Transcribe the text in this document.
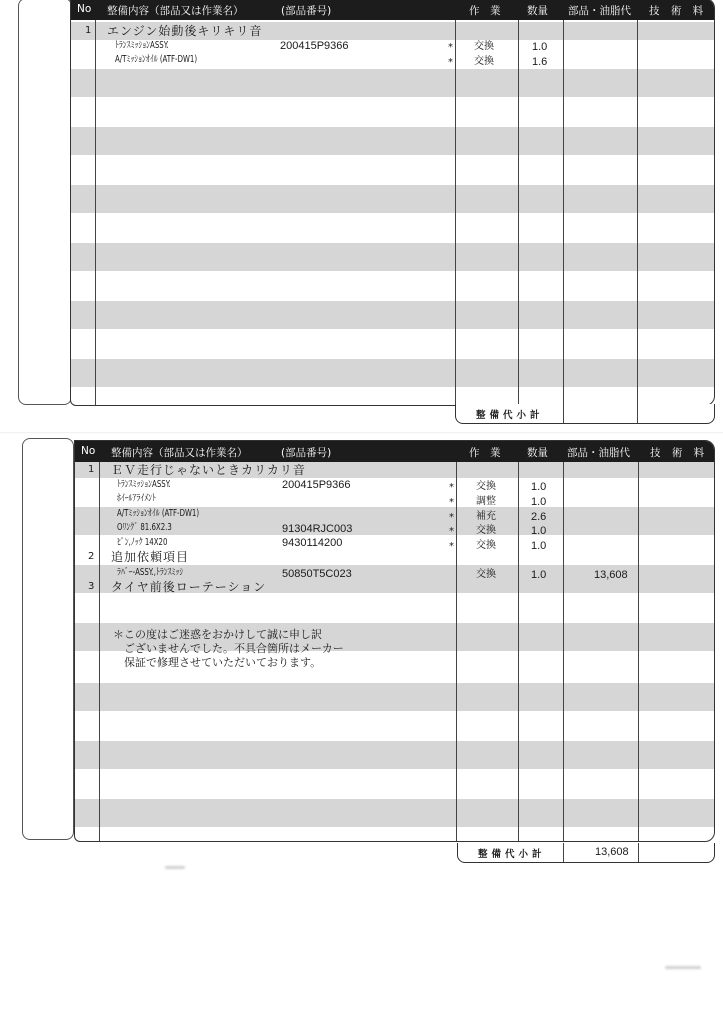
No 整備内容（部品又は作業名）	(部品番号)	作　業	数量 部品・油脂代 技 術 料
1 エンジン始動後キリキリ音
ﾄﾗﾝｽﾐｯｼｮﾝASSY.	200415P9366	* 交換	1.0
A/Tﾐｯｼｮﾝｵｲﾙ (ATF-DW1)	* 交換	1.6
整備代小計
No 整備内容（部品又は作業名）	(部品番号)	作　業	数量 部品・油脂代 技 術 料
1 ＥＶ走行じゃないときカリカリ音
ﾄﾗﾝｽﾐｯｼｮﾝASSY.	200415P9366	* 交換	1.0
ﾎｲｰﾙｱﾗｲﾒﾝﾄ	* 調整	1.0
A/Tﾐｯｼｮﾝｵｲﾙ (ATF-DW1)	* 補充	2.6
Oﾘﾝｸﾞ 81.6X2.3	91304RJC003	* 交換	1.0
ﾋﾟﾝ,ﾉｯｸ 14X20	9430114200	* 交換	1.0
2 追加依頼項目
ﾗﾊﾞｰ-ASSY.,ﾄﾗﾝｽﾐｯｼ	50850T5C023	交換	1.0	13,608
3 タイヤ前後ローテーション
＊この度はご迷惑をおかけして誠に申し訳
　ございませんでした。不具合箇所はメーカー
　保証で修理させていただいております。
整備代小計	13,608
